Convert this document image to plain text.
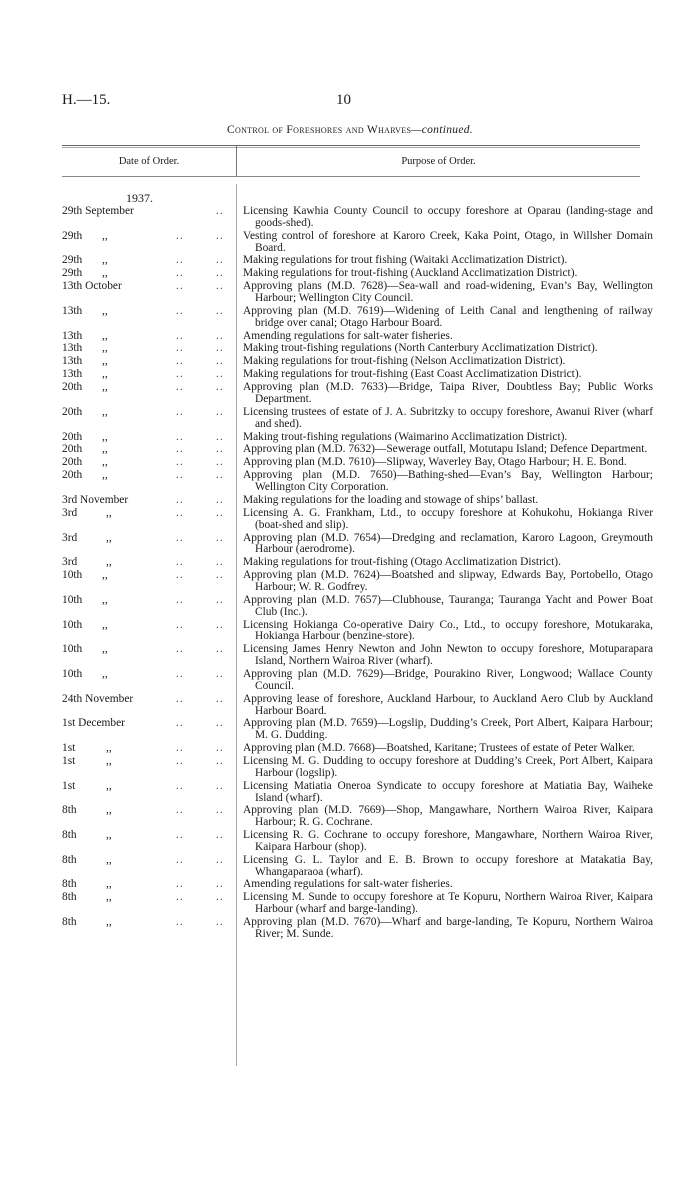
H.—15.	10
Control of Foreshores and Wharves—continued.
Date of Order.	Purpose of Order.
1937.
29th September	.. Licensing Kawhia County Council to occupy foreshore at Oparau (landing-stage and goods-shed).
29th ,,	..	.. Vesting control of foreshore at Karoro Creek, Kaka Point, Otago, in Willsher Domain Board.
29th ,,	..	.. Making regulations for trout fishing (Waitaki Acclimatization District).
29th ,,	..	.. Making regulations for trout-fishing (Auckland Acclimatization District).
13th October	..	.. Approving plans (M.D. 7628)—Sea-wall and road-widening, Evan’s Bay, Wellington Harbour; Wellington City Council.
13th ,,	..	.. Approving plan (M.D. 7619)—Widening of Leith Canal and lengthening of railway bridge over canal; Otago Harbour Board.
13th ,,	..	.. Amending regulations for salt-water fisheries.
13th ,,	..	.. Making trout-fishing regulations (North Canterbury Acclimatization District).
13th ,,	..	.. Making regulations for trout-fishing (Nelson Acclimatization District).
13th ,,	..	.. Making regulations for trout-fishing (East Coast Acclimatization District).
20th ,,	..	.. Approving plan (M.D. 7633)—Bridge, Taipa River, Doubtless Bay; Public Works Department.
20th ,,	..	.. Licensing trustees of estate of J. A. Subritzky to occupy foreshore, Awanui River (wharf and shed).
20th ,,	..	.. Making trout-fishing regulations (Waimarino Acclimatization District).
20th ,,	..	.. Approving plan (M.D. 7632)—Sewerage outfall, Motutapu Island; Defence Department.
20th ,,	..	.. Approving plan (M.D. 7610)—Slipway, Waverley Bay, Otago Harbour; H. E. Bond.
20th ,,	..	.. Approving plan (M.D. 7650)—Bathing-shed—Evan’s Bay, Wellington Harbour; Wellington City Corporation.
3rd November	..	.. Making regulations for the loading and stowage of ships’ ballast.
3rd	,,	..	.. Licensing A. G. Frankham, Ltd., to occupy foreshore at Kohukohu, Hokianga River (boat-shed and slip).
3rd	,,	..	.. Approving plan (M.D. 7654)—Dredging and reclamation, Karoro Lagoon, Greymouth Harbour (aerodrome).
3rd	,,	..	.. Making regulations for trout-fishing (Otago Acclimatization District).
10th ,,	..	.. Approving plan (M.D. 7624)—Boatshed and slipway, Edwards Bay, Portobello, Otago Harbour; W. R. Godfrey.
10th ,,	..	.. Approving plan (M.D. 7657)—Clubhouse, Tauranga; Tauranga Yacht and Power Boat Club (Inc.).
10th ,,	..	.. Licensing Hokianga Co-operative Dairy Co., Ltd., to occupy foreshore, Motukaraka, Hokianga Harbour (benzine-store).
10th ,,	..	.. Licensing James Henry Newton and John Newton to occupy foreshore, Motuparapara Island, Northern Wairoa River (wharf).
10th ,,	..	.. Approving plan (M.D. 7629)—Bridge, Pourakino River, Longwood; Wallace County Council.
24th November	..	.. Approving lease of foreshore, Auckland Harbour, to Auckland Aero Club by Auckland Harbour Board.
1st December	..	.. Approving plan (M.D. 7659)—Logslip, Dudding’s Creek, Port Albert, Kaipara Harbour; M. G. Dudding.
1st	,,	..	.. Approving plan (M.D. 7668)—Boatshed, Karitane; Trustees of estate of Peter Walker.
1st	,,	..	.. Licensing M. G. Dudding to occupy foreshore at Dudding’s Creek, Port Albert, Kaipara Harbour (logslip).
1st	,,	..	.. Licensing Matiatia Oneroa Syndicate to occupy foreshore at Matiatia Bay, Waiheke Island (wharf).
8th	,,	..	.. Approving plan (M.D. 7669)—Shop, Mangawhare, Northern Wairoa River, Kaipara Harbour; R. G. Cochrane.
8th	,,	..	.. Licensing R. G. Cochrane to occupy foreshore, Mangawhare, Northern Wairoa River, Kaipara Harbour (shop).
8th	,,	..	.. Licensing G. L. Taylor and E. B. Brown to occupy foreshore at Matakatia Bay, Whangaparaoa (wharf).
8th	,,	..	.. Amending regulations for salt-water fisheries.
8th	,,	..	.. Licensing M. Sunde to occupy foreshore at Te Kopuru, Northern Wairoa River, Kaipara Harbour (wharf and barge-landing).
8th	,,	..	.. Approving plan (M.D. 7670)—Wharf and barge-landing, Te Kopuru, Northern Wairoa River; M. Sunde.
